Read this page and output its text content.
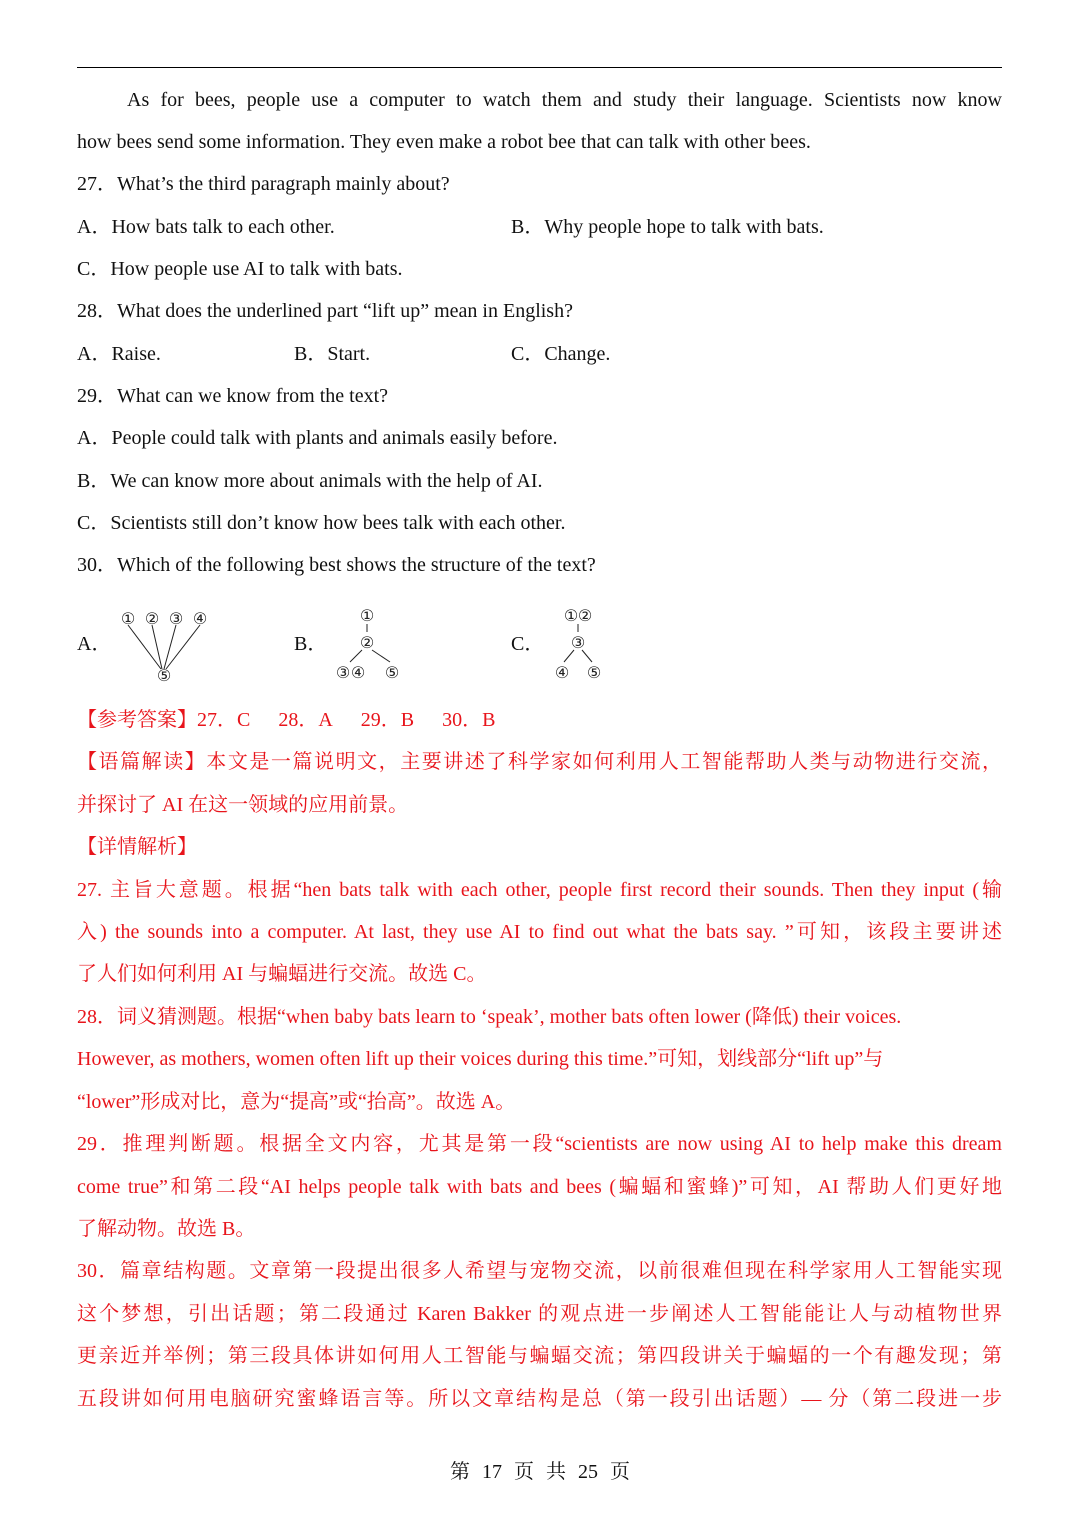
As for bees, people use a computer to watch them and study their language. Scientists now know
how bees send some information. They even make a robot bee that can talk with other bees.
27．What’s the third paragraph mainly about?
A．How bats talk to each other.	B．Why people hope to talk with bats.
C．How people use AI to talk with bats.
28．What does the underlined part “lift up” mean in English?
A．Raise.	B．Start.	C．Change.
29．What can we know from the text?
A．People could talk with plants and animals easily before.
B．We can know more about animals with the help of AI.
C．Scientists still don’t know how bees talk with each other.
30．Which of the following best shows the structure of the text?
A．
① ② ③ ④
⑤
B．
①
②
③ ④ ⑤
C．
① ②
③
④ ⑤
【参考答案】27．C 28．A 29．B 30．B
【语篇解读】本文是一篇说明文，主要讲述了科学家如何利用人工智能帮助人类与动物进行交流，
并探讨了 AI 在这一领域的应用前景。
【详情解析】
27. 主旨大意题。根据“hen bats talk with each other, people first record their sounds. Then they input (输
入) the sounds into a computer. At last, they use AI to find out what the bats say. ”可知，该段主要讲述
了人们如何利用 AI 与蝙蝠进行交流。故选 C。
28．词义猜测题。根据“when baby bats learn to ‘speak’, mother bats often lower (降低) their voices.
However, as mothers, women often lift up their voices during this time.”可知，划线部分“lift up”与
“lower”形成对比，意为“提高”或“抬高”。故选 A。
29．推理判断题。根据全文内容，尤其是第一段“scientists are now using AI to help make this dream
come true”和第二段“AI helps people talk with bats and bees (蝙蝠和蜜蜂)”可知，AI 帮助人们更好地
了解动物。故选 B。
30．篇章结构题。文章第一段提出很多人希望与宠物交流，以前很难但现在科学家用人工智能实现
这个梦想，引出话题；第二段通过 Karen Bakker 的观点进一步阐述人工智能能让人与动植物世界
更亲近并举例；第三段具体讲如何用人工智能与蝙蝠交流；第四段讲关于蝙蝠的一个有趣发现；第
五段讲如何用电脑研究蜜蜂语言等。所以文章结构是总（第一段引出话题）— 分（第二段进一步
第 17 页 共 25 页
